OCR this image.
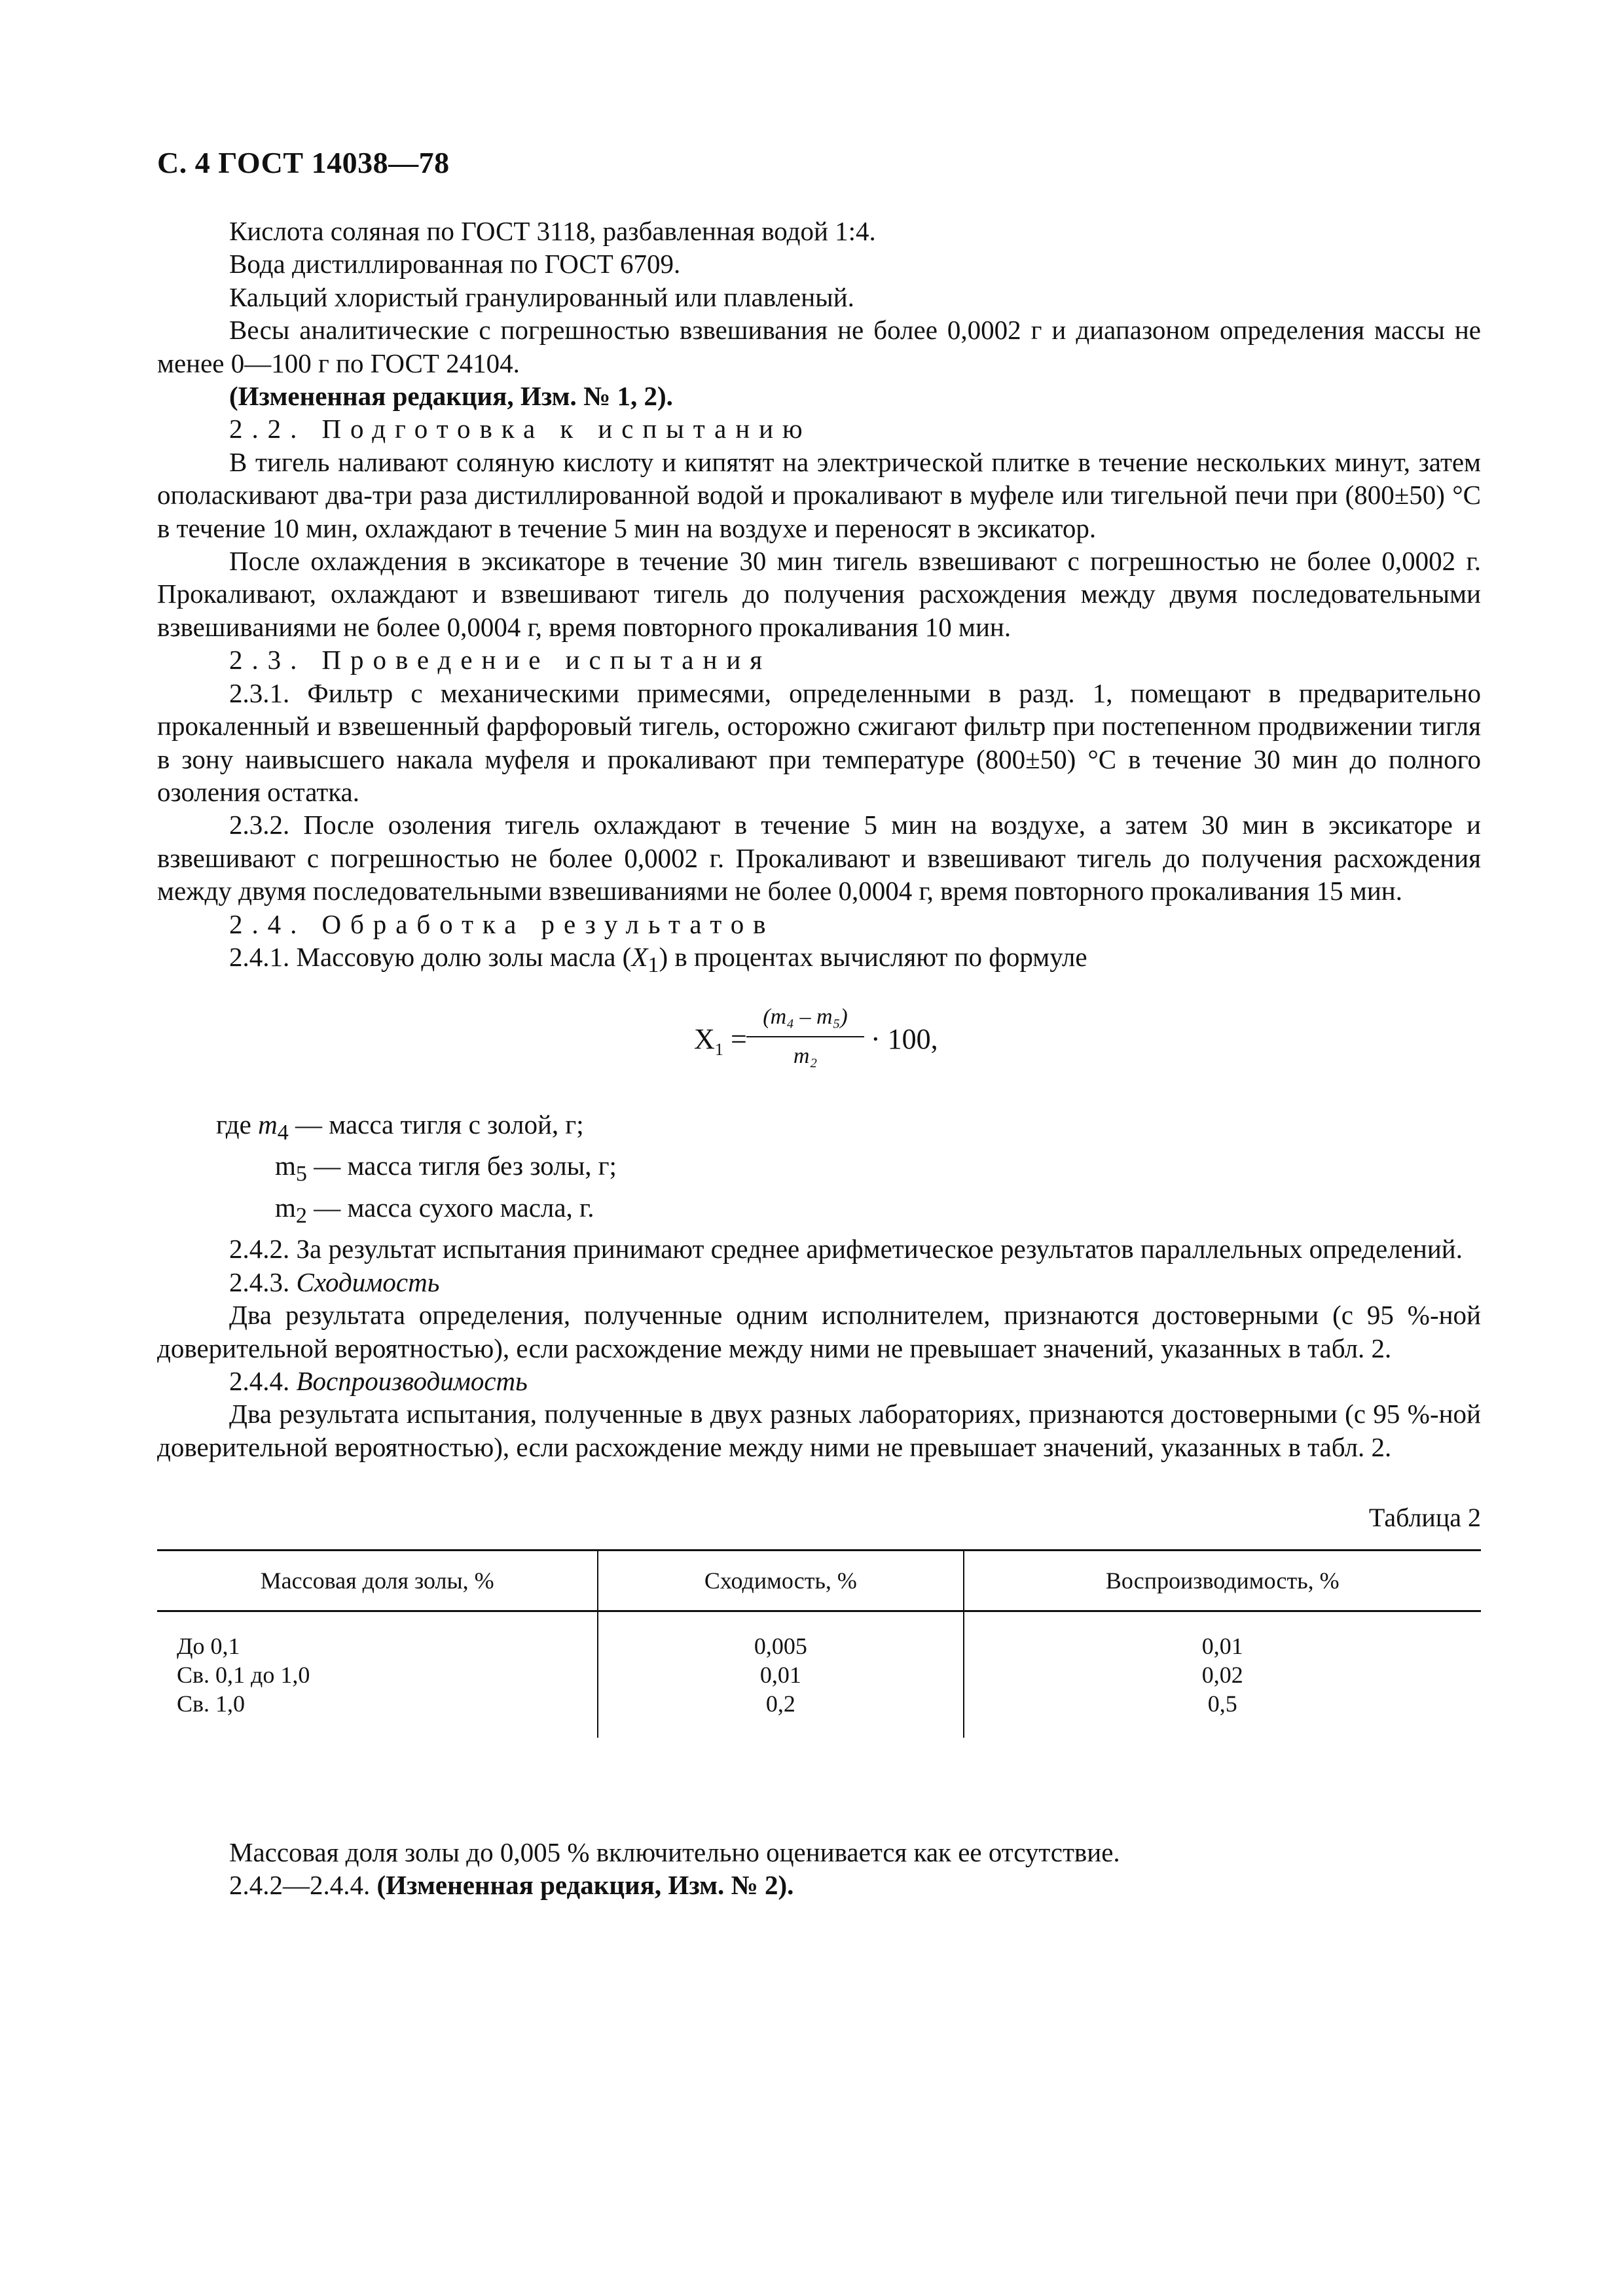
С. 4 ГОСТ 14038—78

Кислота соляная по ГОСТ 3118, разбавленная водой 1:4.

Вода дистиллированная по ГОСТ 6709.

Кальций хлористый гранулированный или плавленый.

Весы аналитические с погрешностью взвешивания не более 0,0002 г и диапазоном определения массы не менее 0—100 г по ГОСТ 24104.

(Измененная редакция, Изм. № 1, 2).

2.2. Подготовка к испытанию

В тигель наливают соляную кислоту и кипятят на электрической плитке в течение нескольких минут, затем ополаскивают два-три раза дистиллированной водой и прокаливают в муфеле или тигельной печи при (800±50) °С в течение 10 мин, охлаждают в течение 5 мин на воздухе и переносят в эксикатор.

После охлаждения в эксикаторе в течение 30 мин тигель взвешивают с погрешностью не более 0,0002 г. Прокаливают, охлаждают и взвешивают тигель до получения расхождения между двумя последовательными взвешиваниями не более 0,0004 г, время повторного прокаливания 10 мин.

2.3. Проведение испытания

2.3.1. Фильтр с механическими примесями, определенными в разд. 1, помещают в предварительно прокаленный и взвешенный фарфоровый тигель, осторожно сжигают фильтр при постепенном продвижении тигля в зону наивысшего накала муфеля и прокаливают при температуре (800±50) °С в течение 30 мин до полного озоления остатка.

2.3.2. После озоления тигель охлаждают в течение 5 мин на воздухе, а затем 30 мин в эксикаторе и взвешивают с погрешностью не более 0,0002 г. Прокаливают и взвешивают тигель до получения расхождения между двумя последовательными взвешиваниями не более 0,0004 г, время повторного прокаливания 15 мин.

2.4. Обработка результатов

2.4.1. Массовую долю золы масла $(X_1)$ в процентах вычисляют по формуле

$X_1$ =
(m₄ – m₅)
m₂
· 100,
где $m_4$ — масса тигля с золой, г;
$m_5$ — масса тигля без золы, г;
$m_2$ — масса сухого масла, г.

2.4.2. За результат испытания принимают среднее арифметическое результатов параллельных определений.

2.4.3. Сходимость

Два результата определения, полученные одним исполнителем, признаются достоверными (с 95 %-ной доверительной вероятностью), если расхождение между ними не превышает значений, указанных в табл. 2.

2.4.4. Воспроизводимость

Два результата испытания, полученные в двух разных лабораториях, признаются достоверными (с 95 %-ной доверительной вероятностью), если расхождение между ними не превышает значений, указанных в табл. 2.

Таблица 2
Массовая доля золы, %	Сходимость, %	Воспроизводимость, %

До 0,1	0,005	0,01
Св. 0,1 до 1,0	0,01	0,02
Св. 1,0	0,2	0,5

Массовая доля золы до 0,005 % включительно оценивается как ее отсутствие.

2.4.2—2.4.4. (Измененная редакция, Изм. № 2).
